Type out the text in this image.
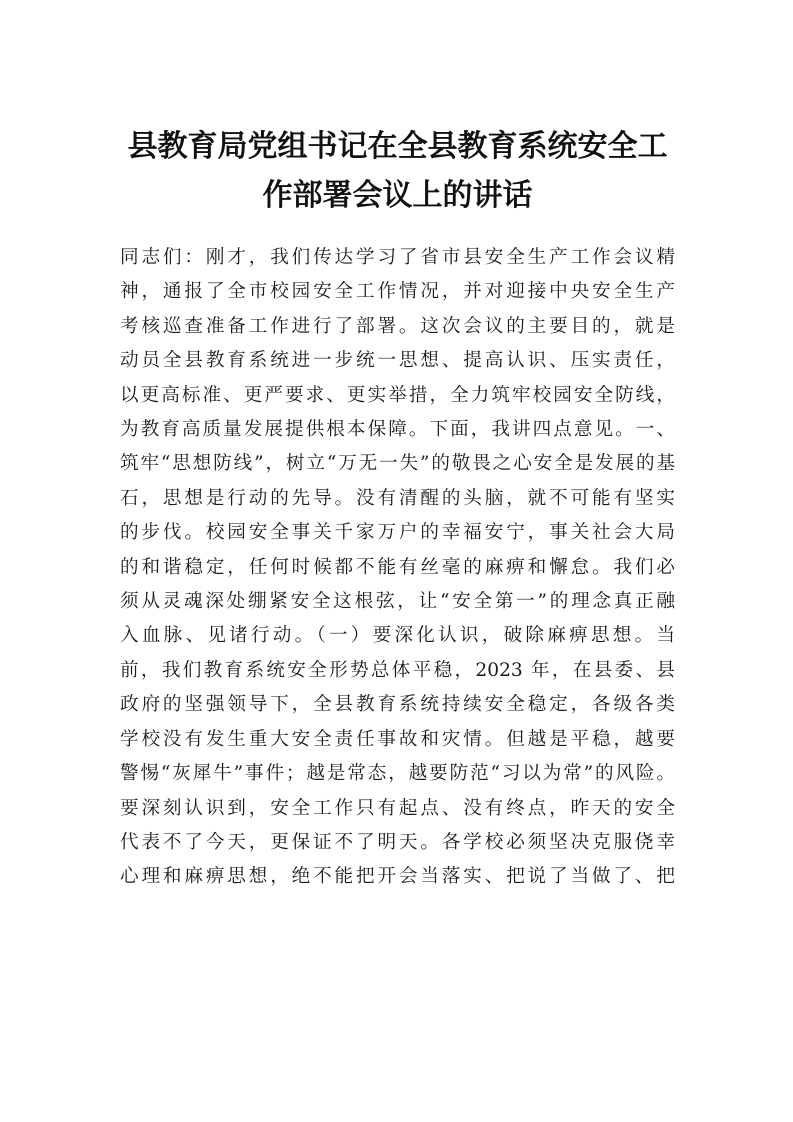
县教育局党组书记在全县教育系统安全工
作部署会议上的讲话
同志们：刚才，我们传达学习了省市县安全生产工作会议精
神，通报了全市校园安全工作情况，并对迎接中央安全生产
考核巡查准备工作进行了部署。这次会议的主要目的，就是
动员全县教育系统进一步统一思想、提高认识、压实责任，
以更高标准、更严要求、更实举措，全力筑牢校园安全防线，
为教育高质量发展提供根本保障。下面，我讲四点意见。一、
筑牢“思想防线”，树立“万无一失”的敬畏之心安全是发展的基
石，思想是行动的先导。没有清醒的头脑，就不可能有坚实
的步伐。校园安全事关千家万户的幸福安宁，事关社会大局
的和谐稳定，任何时候都不能有丝毫的麻痹和懈怠。我们必
须从灵魂深处绷紧安全这根弦，让“安全第一”的理念真正融
入血脉、见诸行动。（一）要深化认识，破除麻痹思想。当
前，我们教育系统安全形势总体平稳，2023 年，在县委、县
政府的坚强领导下，全县教育系统持续安全稳定，各级各类
学校没有发生重大安全责任事故和灾情。但越是平稳，越要
警惕“灰犀牛”事件；越是常态，越要防范“习以为常”的风险。
要深刻认识到，安全工作只有起点、没有终点，昨天的安全
代表不了今天，更保证不了明天。各学校必须坚决克服侥幸
心理和麻痹思想，绝不能把开会当落实、把说了当做了、把
